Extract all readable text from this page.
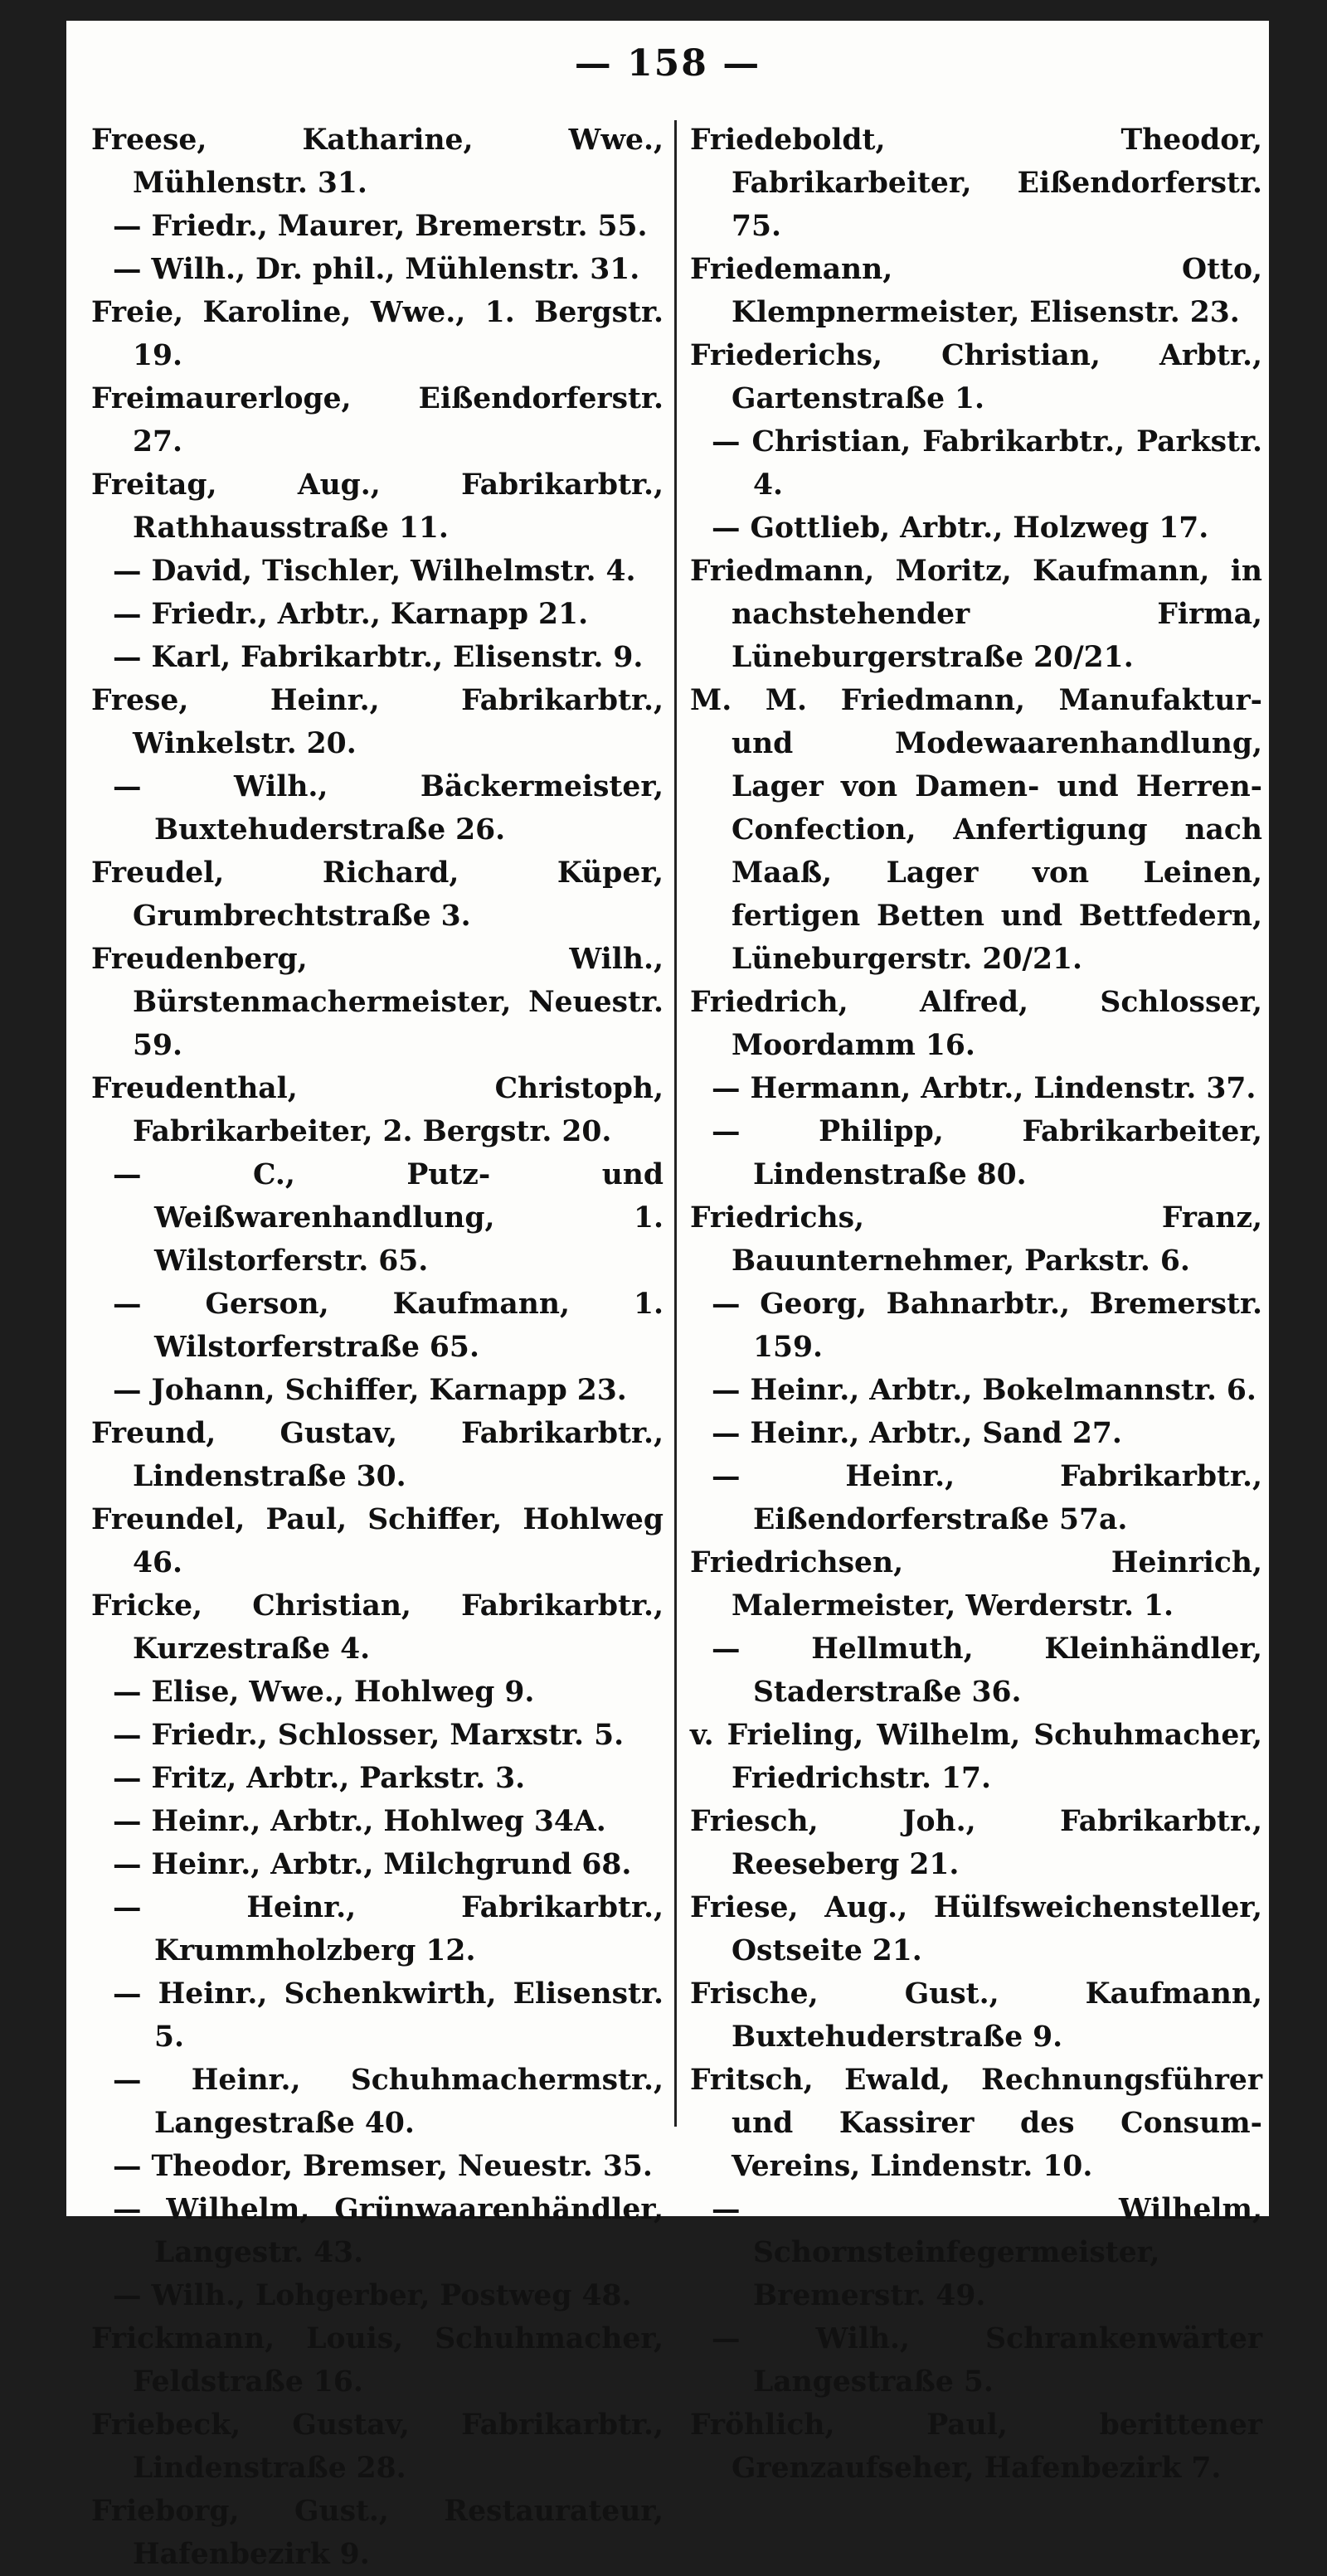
— 158 —
Freese, Katharine, Wwe., Mühlenstr. 31.
— Friedr., Maurer, Bremerstr. 55.
— Wilh., Dr. phil., Mühlenstr. 31.
Freie, Karoline, Wwe., 1. Bergstr. 19.
Freimaurerloge, Eißendorferstr. 27.
Freitag, Aug., Fabrikarbtr., Rathhausstraße 11.
— David, Tischler, Wilhelmstr. 4.
— Friedr., Arbtr., Karnapp 21.
— Karl, Fabrikarbtr., Elisenstr. 9.
Frese, Heinr., Fabrikarbtr., Winkelstr. 20.
— Wilh., Bäckermeister, Buxtehuderstraße 26.
Freudel, Richard, Küper, Grumbrechtstraße 3.
Freudenberg, Wilh., Bürstenmachermeister, Neuestr. 59.
Freudenthal, Christoph, Fabrikarbeiter, 2. Bergstr. 20.
— C., Putz- und Weißwarenhandlung, 1. Wilstorferstr. 65.
— Gerson, Kaufmann, 1. Wilstorferstraße 65.
— Johann, Schiffer, Karnapp 23.
Freund, Gustav, Fabrikarbtr., Lindenstraße 30.
Freundel, Paul, Schiffer, Hohlweg 46.
Fricke, Christian, Fabrikarbtr., Kurzestraße 4.
— Elise, Wwe., Hohlweg 9.
— Friedr., Schlosser, Marxstr. 5.
— Fritz, Arbtr., Parkstr. 3.
— Heinr., Arbtr., Hohlweg 34A.
— Heinr., Arbtr., Milchgrund 68.
— Heinr., Fabrikarbtr., Krummholzberg 12.
— Heinr., Schenkwirth, Elisenstr. 5.
— Heinr., Schuhmachermstr., Langestraße 40.
— Theodor, Bremser, Neuestr. 35.
— Wilhelm, Grünwaarenhändler, Langestr. 43.
— Wilh., Lohgerber, Postweg 48.
Frickmann, Louis, Schuhmacher, Feldstraße 16.
Friebeck, Gustav, Fabrikarbtr., Lindenstraße 28.
Frieborg, Gust., Restaurateur, Hafenbezirk 9.
Friedeboldt, Theodor, Fabrikarbeiter, Eißendorferstr. 75.
Friedemann, Otto, Klempnermeister, Elisenstr. 23.
Friederichs, Christian, Arbtr., Gartenstraße 1.
— Christian, Fabrikarbtr., Parkstr. 4.
— Gottlieb, Arbtr., Holzweg 17.
Friedmann, Moritz, Kaufmann, in nachstehender Firma, Lüneburgerstraße 20/21.
M. M. Friedmann, Manufaktur- und Modewaarenhandlung, Lager von Damen- und Herren-Confection, Anfertigung nach Maaß, Lager von Leinen, fertigen Betten und Bettfedern, Lüneburgerstr. 20/21.
Friedrich, Alfred, Schlosser, Moordamm 16.
— Hermann, Arbtr., Lindenstr. 37.
— Philipp, Fabrikarbeiter, Lindenstraße 80.
Friedrichs, Franz, Bauunternehmer, Parkstr. 6.
— Georg, Bahnarbtr., Bremerstr. 159.
— Heinr., Arbtr., Bokelmannstr. 6.
— Heinr., Arbtr., Sand 27.
— Heinr., Fabrikarbtr., Eißendorferstraße 57a.
Friedrichsen, Heinrich, Malermeister, Werderstr. 1.
— Hellmuth, Kleinhändler, Staderstraße 36.
v. Frieling, Wilhelm, Schuhmacher, Friedrichstr. 17.
Friesch, Joh., Fabrikarbtr., Reeseberg 21.
Friese, Aug., Hülfsweichensteller, Ostseite 21.
Frische, Gust., Kaufmann, Buxtehuderstraße 9.
Fritsch, Ewald, Rechnungsführer und Kassirer des Consum-Vereins, Lindenstr. 10.
— Wilhelm, Schornsteinfegermeister, Bremerstr. 49.
— Wilh., Schrankenwärter Langestraße 5.
Fröhlich, Paul, berittener Grenzaufseher, Hafenbezirk 7.
